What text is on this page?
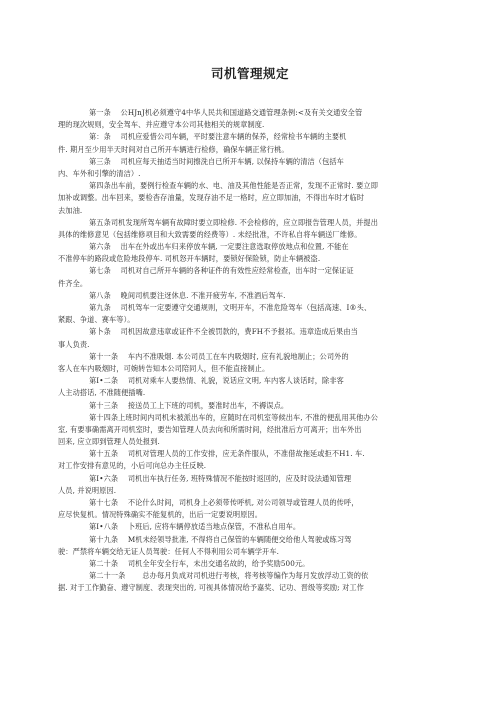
司机管理规定
第一条　 公HJnJ机必须遵守4中华人民共和国道路交通管理条例:<及有关交通安全管
理的现次规则，安全驾车、并应遵守本公司其他相关的规章制度.
第：条　 司机应爱惜公司车辆，平时要注意车辆的保养，经常检书车辆的主要机
件. 期月至少用半天时间对自己所开车辆进行检修，确保车辆正常行桃。
第三条　 司机应每天抽适当时间擦洗自已所开车辆, 以保持车辆的清洁（包括车
内、车外和引擎的清洁）.
第四条出车前，要例行检查车辆的水、电、油及其他性能是否正常，发现不正常时. 要立即
加补或调整。出车回来，要检杳存油量，发现存油不足一格时，应立即加油，不得出车时才临时
去加油.
第五条司机发现所驾车辆有故障时要立即检修. 不会检修的，应立即报告管理人员，并提出
具体的维修意见（包括维修项目和大致需要的经费等）. 未经批准，不许私自将车辆送厂维修。
第六条　 出车在外或出车归来停放车辆, 一定要注意选取停放地点和位置, 不能在
不准停车的路段或危险地段停车. 司机怒开车辆时，要锁好保险锁，防止车辆被盗.
第七条　 司机对自己所开车辆的各种证件的有效性应经常检查，出车时一定保证证
件齐全。
第八条　 晚间司机要注迓休息. 不准开疲劳车, 不准酒后驾车.
第九条　 司机驾车一定要遵守交通规则，文明开车，不准危险驾车（包括高速、I®头、
紧跟、争道、赛车等）。
第卜条　 司机因故意违章或证件不全被罚款的，费FH不予报祁。违章造成后果由当
事人负责.
第十一条　 车内不准吸烟. 本公司员工在车内吸烟时, 应有礼貌地制止；公司外的
客人在车内吸烟时，可婉转告知本公司陪同人，但不能直接制止。
第I•二条　 司机对乘车人要热情、礼貌，说话应文明, 车内客人谈话时，除非客
人主动搭话, 不准随便插嘴.
第十三条　 接送员工上下班的司机，要准时出车，不褥误点。
第十四条上班时间内司机未被派出车的，应随时在司机室等候出车, 不准的便乱用其他办公
室, 有要事确需离开司机室时，要告知管理人员去向和所需时间，经批准后方可离开；出车外出
回来, 应立即到管理人员处报到.
第十五条　 司机对管理人员的工作安排，应无条件服从，不准借故拖延或拒不H1. 车.
对工作安排有意见的，小后可向总办主任反映.
第I•六条　 司机出车执行任务, 班特殊情况不能按时返回的，应及时设法通知管理
人员, 并说明原因.
第十七条　 不论什么时间，司机身上必须带传呼机, 对公司领导或管理人员的传呼，
应尽快复机。情况特殊确实不能复机的，出后一定要说明原因。
第I•八条　 卜班后, 应将车辆停放适当地点保管，不准私自用车。
第十九条　 M机未经领导批准, 不得将自己保管的车辆随便交给他人驾驶或练习驾
驶：严禁将车辆交给无证人员驾驶：任何人不得利用公司车辆学开车.
第二十条　 司机全年安全行车，未出交通名故的，给予奖励500元。
第二十一条　　 总办每月负成对司机进行考核，将考核等编作为每月发放浮动工资的依
据. 对于工作勤奋、遵守制度、表现突出的, 可视具体情况给予嘉奖、记功、晋级等奖励; 对工作
